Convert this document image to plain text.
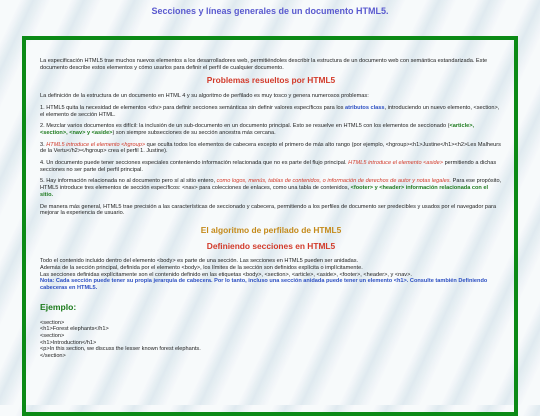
Secciones y líneas generales de un documento HTML5.

La especificación HTML5 trae muchos nuevos elementos a los desarrolladores web, permitiéndoles describir la estructura de un documento web con semántica estandarizada. Este documento describe estos elementos y cómo usarlos para definir el perfil de cualquier documento.

Problemas resueltos por HTML5

La definición de la estructura de un documento en HTML 4 y su algoritmo de perfilado es muy tosco y genera numerosos problemas:

1. HTML5 quita la necesidad de elementos <div> para definir secciones semánticas sin definir valores específicos para los atributos class, introduciendo un nuevo elemento, <section>, el elemento de sección HTML.

2. Mezclar varios documentos es difícil: la inclusión de un sub-documento en un documento principal. Esto se resuelve en HTML5 con los elementos de seccionado (<article>, <section>, <nav> y <aside>) son siempre subsecciones de su sección ancestra más cercana.

3. HTML5 introduce el elemento <hgroup> que oculta todos los elementos de cabecera excepto el primero de más alto rango (por ejemplo, <hgroup><h1>Justine</h1><h2>Les Malheurs de la Vertu</h2></hgroup> crea el perfil 1. Justine).

4. Un documento puede tener secciones especiales conteniendo información relacionada que no es parte del flujo principal. HTML5 introduce el elemento <aside> permitiendo a dichas secciones no ser parte del perfil principal.

5. Hay información relacionada no al documento pero sí al sitio entero, como logos, menús, tablas de contenidos, o información de derechos de autor y notas legales. Para ese propósito, HTML5 introduce tres elementos de sección específicos: <nav> para colecciones de enlaces, como una tabla de contenidos, <footer> y <header> información relacionada con el sitio.

De manera más general, HTML5 trae precisión a las características de seccionado y cabecera, permitiendo a los perfiles de documento ser predecibles y usados por el navegador para mejorar la experiencia de usuario.

El algoritmo de perfilado de HTML5
Definiendo secciones en HTML5
Todo el contenido incluido dentro del elemento <body> es parte de una sección. Las secciones en HTML5 pueden ser anidadas.
Además de la sección principal, definida por el elemento <body>, los límites de la sección son definidos explícita o implícitamente.
Las secciones definidas explícitamente son el contenido definido en las etiquetas <body>, <section>, <article>, <aside>, <footer>, <header>, y <nav>.
Nota: Cada sección puede tener su propia jerarquía de cabecera. Por lo tanto, incluso una sección anidada puede tener un elemento <h1>. Consulte también Definiendo cabeceras en HTML5.
Ejemplo:
<section>
<h1>Forest elephants</h1>
<section>
<h1>Introduction</h1>
<p>In this section, we discuss the lesser known forest elephants.
</section>
